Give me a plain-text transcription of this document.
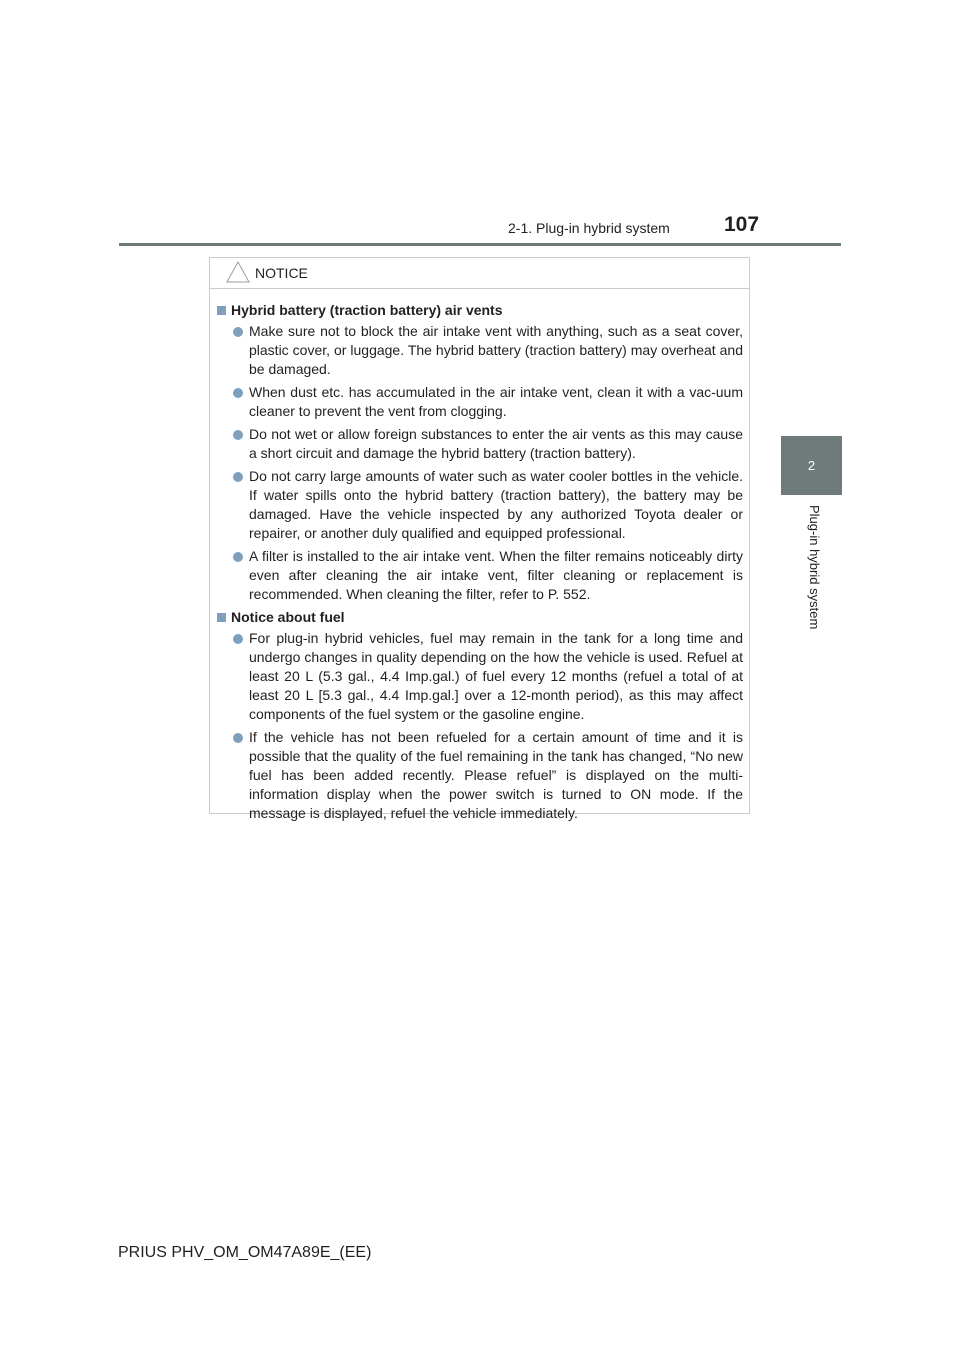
2-1. Plug-in hybrid system	107
2
Plug-in hybrid system
NOTICE
Hybrid battery (traction battery) air vents
Make sure not to block the air intake vent with anything, such as a seat cover, plastic cover, or luggage. The hybrid battery (traction battery) may overheat and be damaged.
When dust etc. has accumulated in the air intake vent, clean it with a vac-uum cleaner to prevent the vent from clogging.
Do not wet or allow foreign substances to enter the air vents as this may cause a short circuit and damage the hybrid battery (traction battery).
Do not carry large amounts of water such as water cooler bottles in the vehicle. If water spills onto the hybrid battery (traction battery), the battery may be damaged. Have the vehicle inspected by any authorized Toyota dealer or repairer, or another duly qualified and equipped professional.
A filter is installed to the air intake vent. When the filter remains noticeably dirty even after cleaning the air intake vent, filter cleaning or replacement is recommended. When cleaning the filter, refer to P. 552.
Notice about fuel
For plug-in hybrid vehicles, fuel may remain in the tank for a long time and undergo changes in quality depending on the how the vehicle is used. Refuel at least 20 L (5.3 gal., 4.4 Imp.gal.) of fuel every 12 months (refuel a total of at least 20 L [5.3 gal., 4.4 Imp.gal.] over a 12-month period), as this may affect components of the fuel system or the gasoline engine.
If the vehicle has not been refueled for a certain amount of time and it is possible that the quality of the fuel remaining in the tank has changed, “No new fuel has been added recently. Please refuel” is displayed on the multi-information display when the power switch is turned to ON mode. If the message is displayed, refuel the vehicle immediately.
PRIUS PHV_OM_OM47A89E_(EE)
